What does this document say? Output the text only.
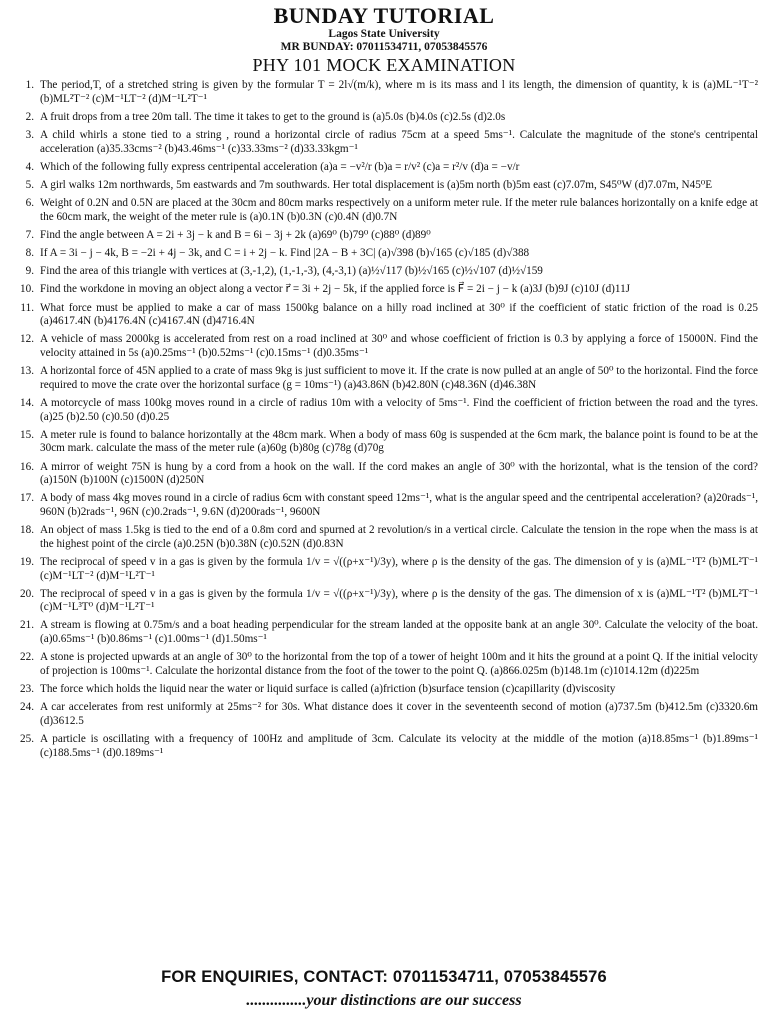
BUNDAY TUTORIAL
Lagos State University
MR BUNDAY: 07011534711, 07053845576
PHY 101 MOCK EXAMINATION
1. The period,T, of a stretched string is given by the formular T = 2l√(m/k), where m is its mass and l its length, the dimension of quantity, k is (a)ML⁻¹T⁻² (b)ML²T⁻² (c)M⁻¹LT⁻² (d)M⁻¹L²T⁻¹
2. A fruit drops from a tree 20m tall. The time it takes to get to the ground is (a)5.0s (b)4.0s (c)2.5s (d)2.0s
3. A child whirls a stone tied to a string , round a horizontal circle of radius 75cm at a speed 5ms⁻¹. Calculate the magnitude of the stone's centripental acceleration (a)35.33cms⁻² (b)43.46ms⁻¹ (c)33.33ms⁻² (d)33.33kgm⁻¹
4. Which of the following fully express centripental acceleration (a)a = −v²/r (b)a = r/v² (c)a = r²/v (d)a = −v/r
5. A girl walks 12m northwards, 5m eastwards and 7m southwards. Her total displacement is (a)5m north (b)5m east (c)7.07m, S45⁰W (d)7.07m, N45⁰E
6. Weight of 0.2N and 0.5N are placed at the 30cm and 80cm marks respectively on a uniform meter rule. If the meter rule balances horizontally on a knife edge at the 60cm mark, the weight of the meter rule is (a)0.1N (b)0.3N (c)0.4N (d)0.7N
7. Find the angle between A = 2i + 3j − k and B = 6i − 3j + 2k (a)69⁰ (b)79⁰ (c)88⁰ (d)89⁰
8. If A = 3i − j − 4k, B = −2i + 4j − 3k, and C = i + 2j − k. Find |2A − B + 3C| (a)√398 (b)√165 (c)√185 (d)√388
9. Find the area of this triangle with vertices at (3,-1,2), (1,-1,-3), (4,-3,1) (a)½√117 (b)½√165 (c)½√107 (d)½√159
10. Find the workdone in moving an object along a vector r⃗ = 3i + 2j − 5k, if the applied force is F⃗ = 2i − j − k (a)3J (b)9J (c)10J (d)11J
11. What force must be applied to make a car of mass 1500kg balance on a hilly road inclined at 30⁰ if the coefficient of static friction of the road is 0.25 (a)4617.4N (b)4176.4N (c)4167.4N (d)4716.4N
12. A vehicle of mass 2000kg is accelerated from rest on a road inclined at 30⁰ and whose coefficient of friction is 0.3 by applying a force of 15000N. Find the velocity attained in 5s (a)0.25ms⁻¹ (b)0.52ms⁻¹ (c)0.15ms⁻¹ (d)0.35ms⁻¹
13. A horizontal force of 45N applied to a crate of mass 9kg is just sufficient to move it. If the crate is now pulled at an angle of 50⁰ to the horizontal. Find the force required to move the crate over the horizontal surface (g = 10ms⁻¹) (a)43.86N (b)42.80N (c)48.36N (d)46.38N
14. A motorcycle of mass 100kg moves round in a circle of radius 10m with a velocity of 5ms⁻¹. Find the coefficient of friction between the road and the tyres. (a)25 (b)2.50 (c)0.50 (d)0.25
15. A meter rule is found to balance horizontally at the 48cm mark. When a body of mass 60g is suspended at the 6cm mark, the balance point is found to be at the 30cm mark. calculate the mass of the meter rule (a)60g (b)80g (c)78g (d)70g
16. A mirror of weight 75N is hung by a cord from a hook on the wall. If the cord makes an angle of 30⁰ with the horizontal, what is the tension of the cord? (a)150N (b)100N (c)1500N (d)250N
17. A body of mass 4kg moves round in a circle of radius 6cm with constant speed 12ms⁻¹, what is the angular speed and the centripental acceleration? (a)20rads⁻¹, 960N (b)2rads⁻¹, 96N (c)0.2rads⁻¹, 9.6N (d)200rads⁻¹, 9600N
18. An object of mass 1.5kg is tied to the end of a 0.8m cord and spurned at 2 revolution/s in a vertical circle. Calculate the tension in the rope when the mass is at the highest point of the circle (a)0.25N (b)0.38N (c)0.52N (d)0.83N
19. The reciprocal of speed v in a gas is given by the formula 1/v = √((ρ+x⁻¹)/3y), where ρ is the density of the gas. The dimension of y is (a)ML⁻¹T² (b)ML²T⁻¹ (c)M⁻¹LT⁻² (d)M⁻¹L²T⁻¹
20. The reciprocal of speed v in a gas is given by the formula 1/v = √((ρ+x⁻¹)/3y), where ρ is the density of the gas. The dimension of x is (a)ML⁻¹T² (b)ML²T⁻¹ (c)M⁻¹L³T⁰ (d)M⁻¹L²T⁻¹
21. A stream is flowing at 0.75m/s and a boat heading perpendicular for the stream landed at the opposite bank at an angle 30⁰. Calculate the velocity of the boat. (a)0.65ms⁻¹ (b)0.86ms⁻¹ (c)1.00ms⁻¹ (d)1.50ms⁻¹
22. A stone is projected upwards at an angle of 30⁰ to the horizontal from the top of a tower of height 100m and it hits the ground at a point Q. If the initial velocity of projection is 100ms⁻¹. Calculate the horizontal distance from the foot of the tower to the point Q. (a)866.025m (b)148.1m (c)1014.12m (d)225m
23. The force which holds the liquid near the water or liquid surface is called (a)friction (b)surface tension (c)capillarity (d)viscosity
24. A car accelerates from rest uniformly at 25ms⁻² for 30s. What distance does it cover in the seventeenth second of motion (a)737.5m (b)412.5m (c)3320.6m (d)3612.5
25. A particle is oscillating with a frequency of 100Hz and amplitude of 3cm. Calculate its velocity at the middle of the motion (a)18.85ms⁻¹ (b)1.89ms⁻¹ (c)188.5ms⁻¹ (d)0.189ms⁻¹
FOR ENQUIRIES, CONTACT: 07011534711, 07053845576
...............your distinctions are our success
